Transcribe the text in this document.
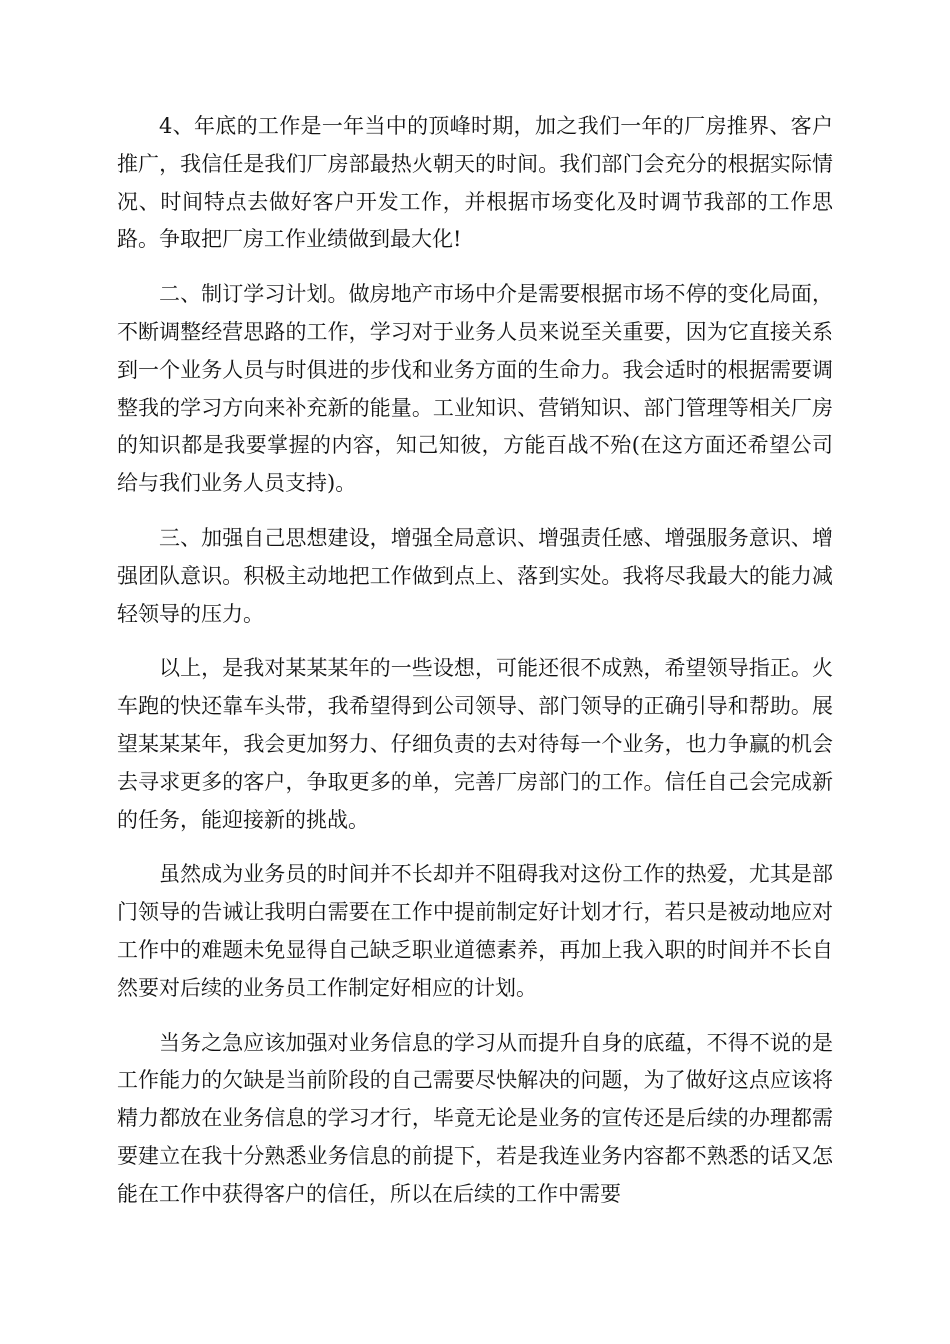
4、年底的工作是一年当中的顶峰时期，加之我们一年的厂房推界、客户推广，我信任是我们厂房部最热火朝天的时间。我们部门会充分的根据实际情况、时间特点去做好客户开发工作，并根据市场变化及时调节我部的工作思路。争取把厂房工作业绩做到最大化!

二、制订学习计划。做房地产市场中介是需要根据市场不停的变化局面，不断调整经营思路的工作，学习对于业务人员来说至关重要，因为它直接关系到一个业务人员与时俱进的步伐和业务方面的生命力。我会适时的根据需要调整我的学习方向来补充新的能量。工业知识、营销知识、部门管理等相关厂房的知识都是我要掌握的内容，知己知彼，方能百战不殆(在这方面还希望公司给与我们业务人员支持)。

三、加强自己思想建设，增强全局意识、增强责任感、增强服务意识、增强团队意识。积极主动地把工作做到点上、落到实处。我将尽我最大的能力减轻领导的压力。

以上，是我对某某某年的一些设想，可能还很不成熟，希望领导指正。火车跑的快还靠车头带，我希望得到公司领导、部门领导的正确引导和帮助。展望某某某年，我会更加努力、仔细负责的去对待每一个业务，也力争赢的机会去寻求更多的客户，争取更多的单，完善厂房部门的工作。信任自己会完成新的任务，能迎接新的挑战。

虽然成为业务员的时间并不长却并不阻碍我对这份工作的热爱，尤其是部门领导的告诫让我明白需要在工作中提前制定好计划才行，若只是被动地应对工作中的难题未免显得自己缺乏职业道德素养，再加上我入职的时间并不长自然要对后续的业务员工作制定好相应的计划。

当务之急应该加强对业务信息的学习从而提升自身的底蕴，不得不说的是工作能力的欠缺是当前阶段的自己需要尽快解决的问题，为了做好这点应该将精力都放在业务信息的学习才行，毕竟无论是业务的宣传还是后续的办理都需要建立在我十分熟悉业务信息的前提下，若是我连业务内容都不熟悉的话又怎能在工作中获得客户的信任，所以在后续的工作中需要
